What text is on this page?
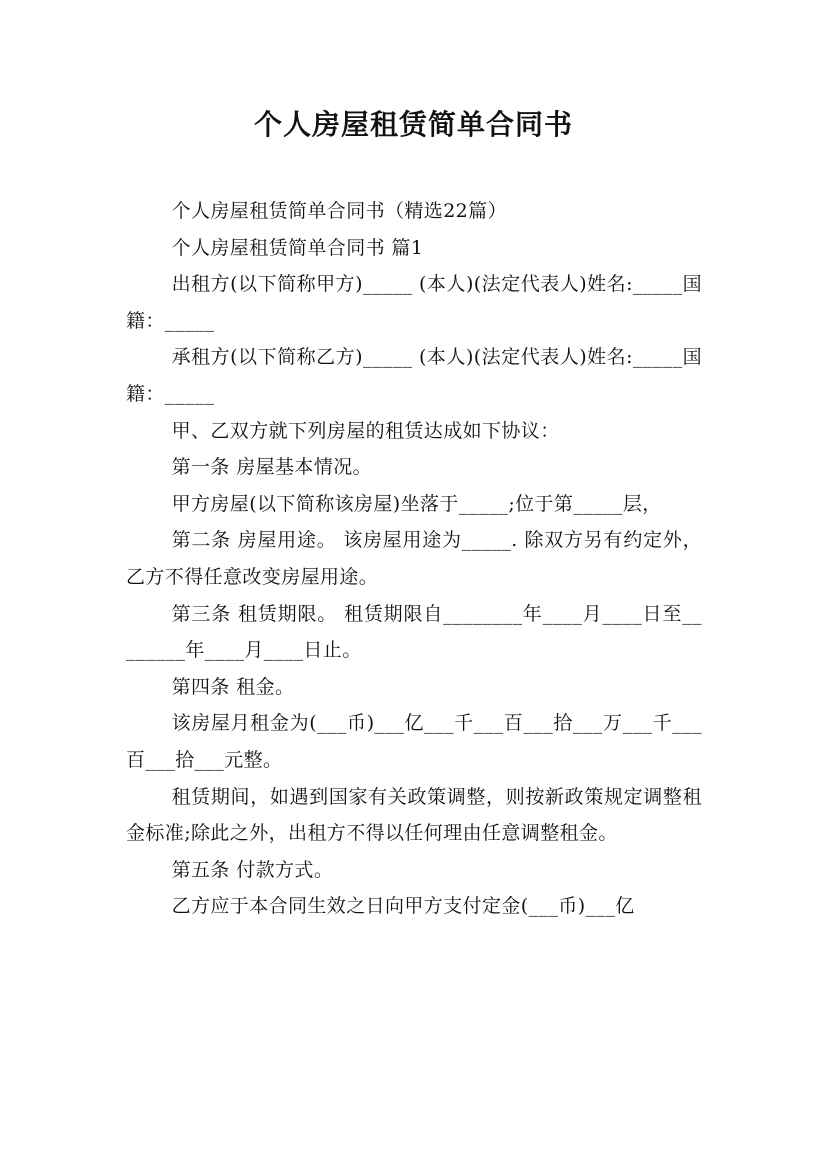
个人房屋租赁简单合同书

个人房屋租赁简单合同书（精选22篇）

个人房屋租赁简单合同书 篇1

出租方(以下简称甲方)_____ (本人)(法定代表人)姓名:_____国籍：_____

承租方(以下简称乙方)_____ (本人)(法定代表人)姓名:_____国籍：_____

甲、乙双方就下列房屋的租赁达成如下协议：

第一条 房屋基本情况。

甲方房屋(以下简称该房屋)坐落于_____;位于第_____层，

第二条 房屋用途。 该房屋用途为_____. 除双方另有约定外，乙方不得任意改变房屋用途。

第三条 租赁期限。 租赁期限自________年____月____日至________年____月____日止。

第四条 租金。

该房屋月租金为(___币)___亿___千___百___拾___万___千___百___拾___元整。

租赁期间，如遇到国家有关政策调整，则按新政策规定调整租金标准;除此之外，出租方不得以任何理由任意调整租金。

第五条 付款方式。

乙方应于本合同生效之日向甲方支付定金(___币)___亿
